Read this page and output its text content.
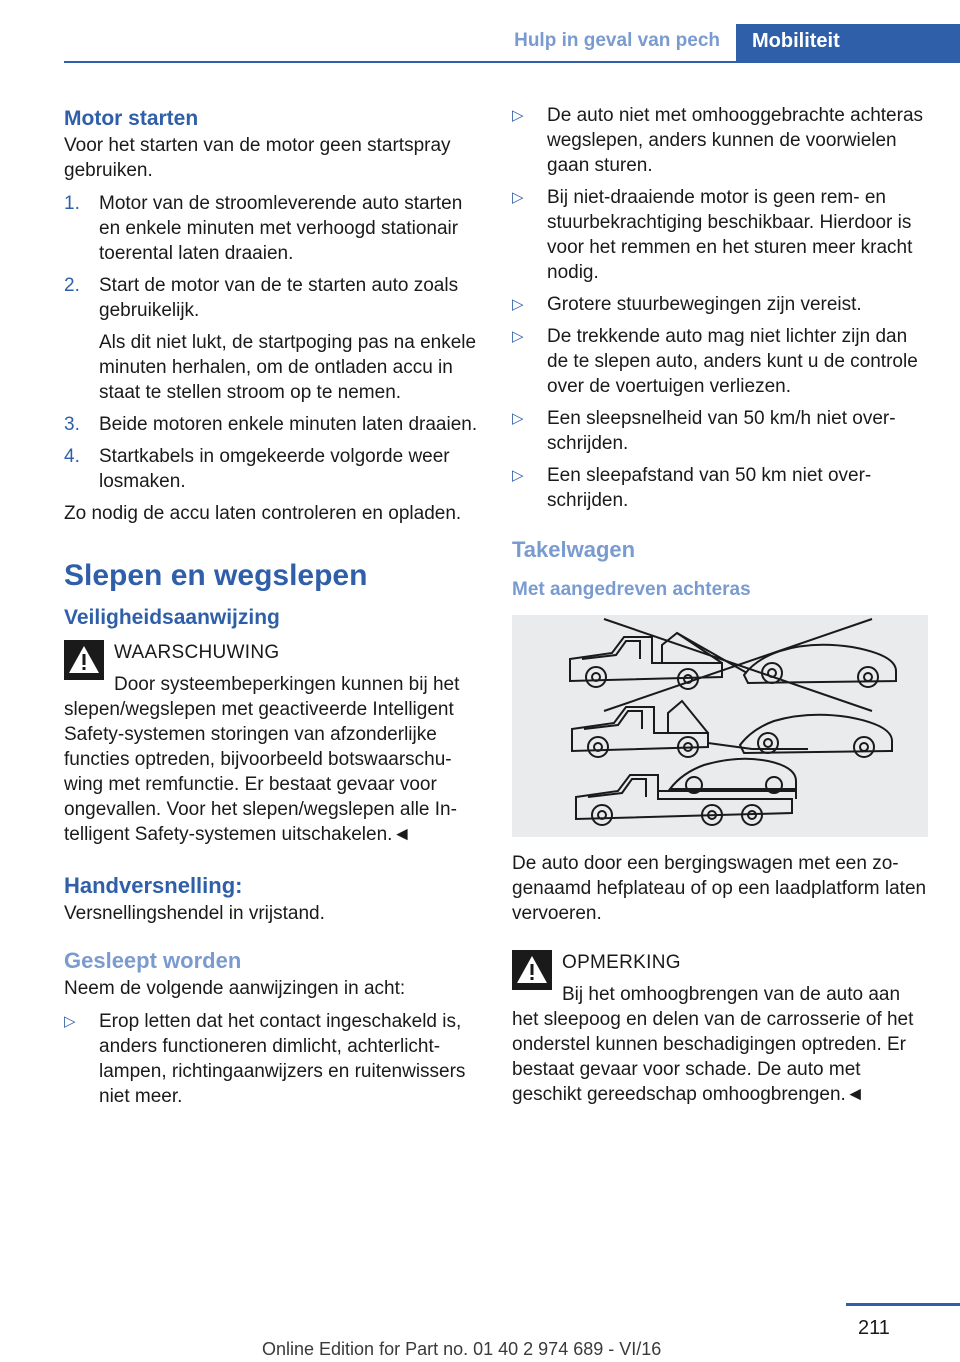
Hulp in geval van pech	Mobiliteit

Motor starten

Voor het starten van de motor geen startspray gebruiken.

1. Motor van de stroomleverende auto starten en enkele minuten met verhoogd stationair toerental laten draaien.
2. Start de motor van de te starten auto zoals gebruikelijk.
Als dit niet lukt, de startpoging pas na enkele minuten herhalen, om de ontladen accu in staat te stellen stroom op te nemen.
3. Beide motoren enkele minuten laten draaien.
4. Startkabels in omgekeerde volgorde weer losmaken.

Zo nodig de accu laten controleren en opladen.

Slepen en wegslepen

Veiligheidsaanwijzing

WAARSCHUWING
Door systeembeperkingen kunnen bij het
slepen/wegslepen met geactiveerde Intelligent Safety-systemen storingen van afzonderlijke functies optreden, bijvoorbeeld botswaarschuwing met remfunctie. Er bestaat gevaar voor ongevallen. Voor het slepen/wegslepen alle Intelligent Safety-systemen uitschakelen.◄

Handversnelling:

Versnellingshendel in vrijstand.

Gesleept worden

Neem de volgende aanwijzingen in acht:

▷ Erop letten dat het contact ingeschakeld is, anders functioneren dimlicht, achterlichtlampen, richtingaanwijzers en ruitenwissers niet meer.
▷ De auto niet met omhooggebrachte achteras wegslepen, anders kunnen de voorwielen gaan sturen.
▷ Bij niet-draaiende motor is geen rem- en stuurbekrachtiging beschikbaar. Hierdoor is voor het remmen en het sturen meer kracht nodig.
▷ Grotere stuurbewegingen zijn vereist.
▷ De trekkende auto mag niet lichter zijn dan de te slepen auto, anders kunt u de controle over de voertuigen verliezen.
▷ Een sleepsnelheid van 50 km/h niet overschrijden.
▷ Een sleepafstand van 50 km niet overschrijden.

Takelwagen

Met aangedreven achteras

De auto door een bergingswagen met een zogenaamd hefplateau of op een laadplatform laten vervoeren.

OPMERKING
Bij het omhoogbrengen van de auto aan
het sleepoog en delen van de carrosserie of het onderstel kunnen beschadigingen optreden. Er bestaat gevaar voor schade. De auto met geschikt gereedschap omhoogbrengen.◄
211
Online Edition for Part no. 01 40 2 974 689 - VI/16
